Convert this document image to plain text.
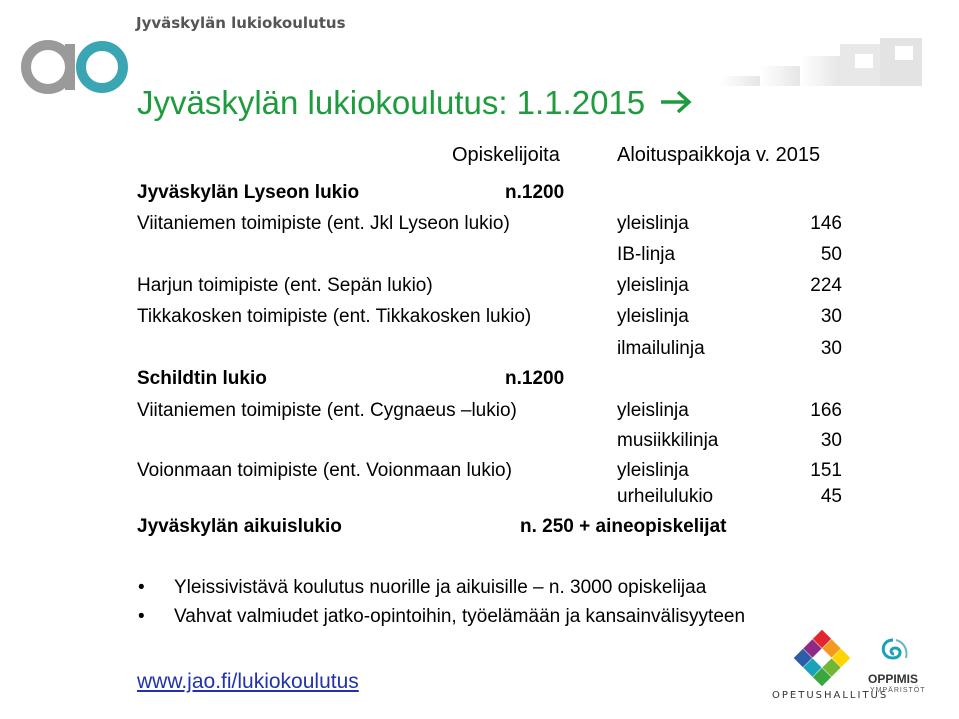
Jyväskylän lukiokoulutus
Jyväskylän lukiokoulutus: 1.1.2015
Opiskelijoita	Aloituspaikkoja v. 2015
Jyväskylän Lyseon lukio	n.1200
Viitaniemen toimipiste (ent. Jkl Lyseon lukio)	yleislinja	146
IB-linja	50
Harjun toimipiste (ent. Sepän lukio)	yleislinja	224
Tikkakosken toimipiste (ent. Tikkakosken lukio)	yleislinja	30
ilmailulinja	30
Schildtin lukio	n.1200
Viitaniemen toimipiste (ent. Cygnaeus –lukio)	yleislinja	166
musiikkilinja	30
Voionmaan toimipiste (ent. Voionmaan lukio)	yleislinja	151
urheilulukio	45
Jyväskylän aikuislukio	n. 250 + aineopiskelijat
• Yleissivistävä koulutus nuorille ja aikuisille – n. 3000 opiskelijaa
• Vahvat valmiudet jatko-opintoihin, työelämään ja kansainvälisyyteen
www.jao.fi/lukiokoulutus
OPETUSHALLITUS
OPPIMIS
YMPÄRISTÖT
